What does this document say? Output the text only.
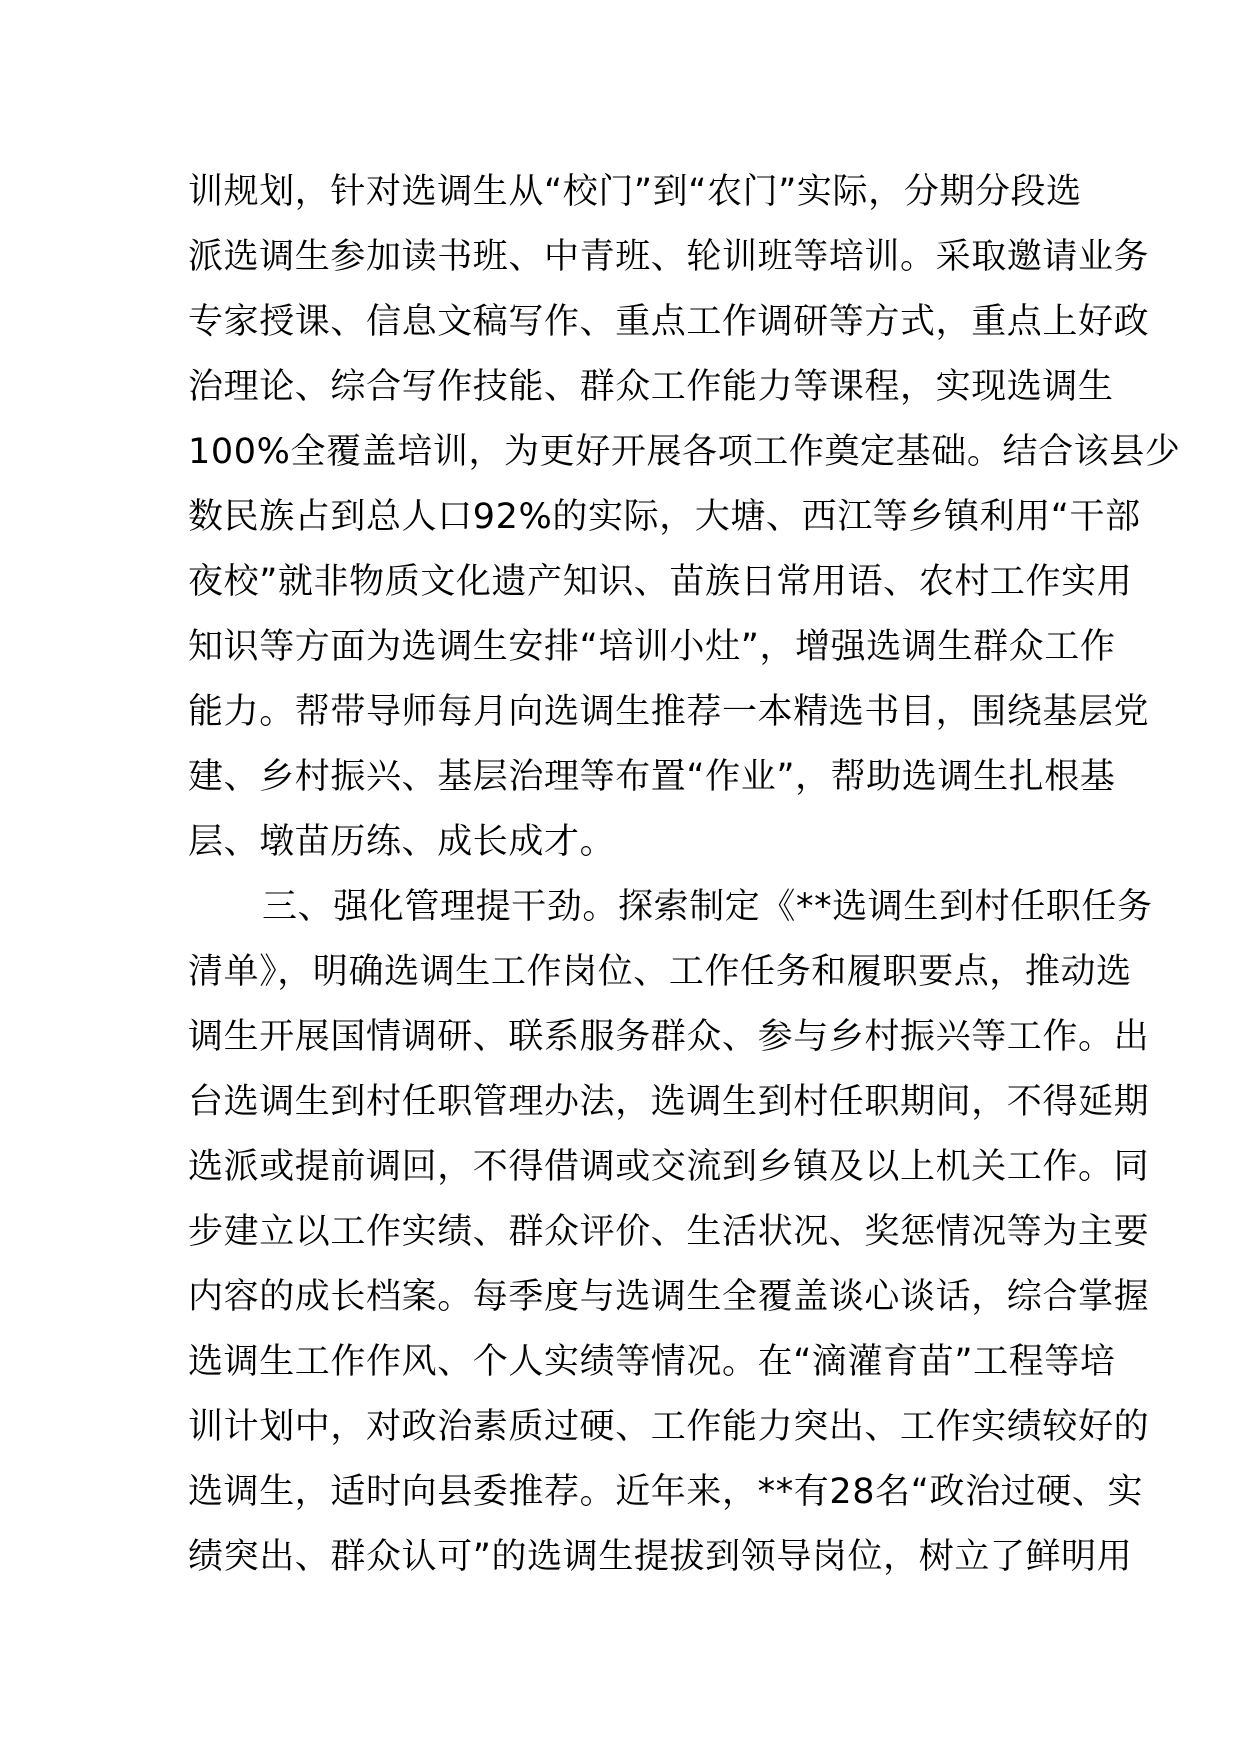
训规划，针对选调生从“校门”到“农门”实际，分期分段选
派选调生参加读书班、中青班、轮训班等培训。采取邀请业务
专家授课、信息文稿写作、重点工作调研等方式，重点上好政
治理论、综合写作技能、群众工作能力等课程，实现选调生
100%全覆盖培训，为更好开展各项工作奠定基础。结合该县少
数民族占到总人口92%的实际，大塘、西江等乡镇利用“干部
夜校”就非物质文化遗产知识、苗族日常用语、农村工作实用
知识等方面为选调生安排“培训小灶”，增强选调生群众工作
能力。帮带导师每月向选调生推荐一本精选书目，围绕基层党
建、乡村振兴、基层治理等布置“作业”，帮助选调生扎根基
层、墩苗历练、成长成才。
三、强化管理提干劲。探索制定《**选调生到村任职任务
清单》，明确选调生工作岗位、工作任务和履职要点，推动选
调生开展国情调研、联系服务群众、参与乡村振兴等工作。出
台选调生到村任职管理办法，选调生到村任职期间，不得延期
选派或提前调回，不得借调或交流到乡镇及以上机关工作。同
步建立以工作实绩、群众评价、生活状况、奖惩情况等为主要
内容的成长档案。每季度与选调生全覆盖谈心谈话，综合掌握
选调生工作作风、个人实绩等情况。在“滴灌育苗”工程等培
训计划中，对政治素质过硬、工作能力突出、工作实绩较好的
选调生，适时向县委推荐。近年来，**有28名“政治过硬、实
绩突出、群众认可”的选调生提拔到领导岗位，树立了鲜明用
